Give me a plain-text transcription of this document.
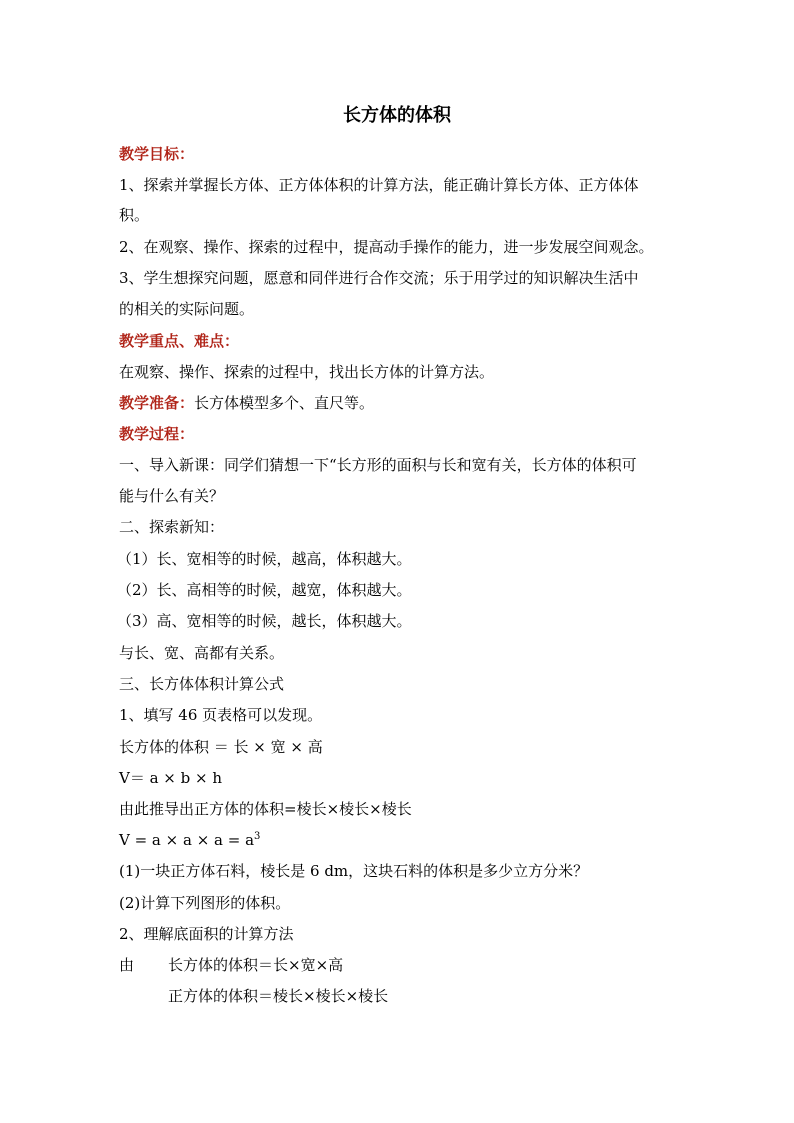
长方体的体积
教学目标：
1、探索并掌握长方体、正方体体积的计算方法，能正确计算长方体、正方体体
积。
2、在观察、操作、探索的过程中，提高动手操作的能力，进一步发展空间观念。
3、学生想探究问题，愿意和同伴进行合作交流；乐于用学过的知识解决生活中
的相关的实际问题。
教学重点、难点：
在观察、操作、探索的过程中，找出长方体的计算方法。
教学准备：长方体模型多个、直尺等。
教学过程：
一、导入新课：同学们猜想一下“长方形的面积与长和宽有关，长方体的体积可
能与什么有关？
二、探索新知：
（1）长、宽相等的时候，越高，体积越大。
（2）长、高相等的时候，越宽，体积越大。
（3）高、宽相等的时候，越长，体积越大。
与长、宽、高都有关系。
三、长方体体积计算公式
1、填写 46 页表格可以发现。
长方体的体积 ＝ 长 × 宽 × 高
V＝ a × b × h
由此推导出正方体的体积=棱长×棱长×棱长
$V = a \times a \times a = a^3$
(1)一块正方体石料，棱长是 6 dm，这块石料的体积是多少立方分米？
(2)计算下列图形的体积。
2、理解底面积的计算方法
由 长方体的体积＝长×宽×高
正方体的体积＝棱长×棱长×棱长
